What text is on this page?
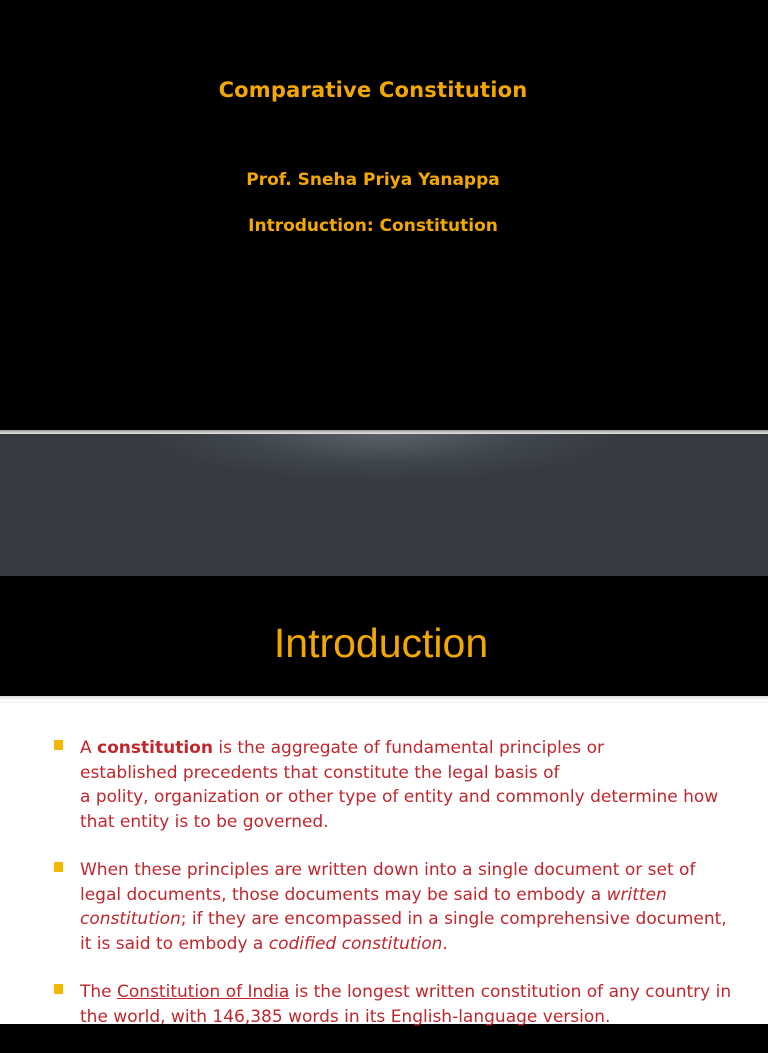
Comparative Constitution
Prof. Sneha Priya Yanappa
Introduction: Constitution
Introduction
A constitution is the aggregate of fundamental principles or
established precedents that constitute the legal basis of
a polity, organization or other type of entity and commonly determine how that entity is to be governed.
When these principles are written down into a single document or set of legal documents, those documents may be said to embody a written constitution; if they are encompassed in a single comprehensive document, it is said to embody a codified constitution.
The Constitution of India is the longest written constitution of any country in the world, with 146,385 words in its English-language version.
